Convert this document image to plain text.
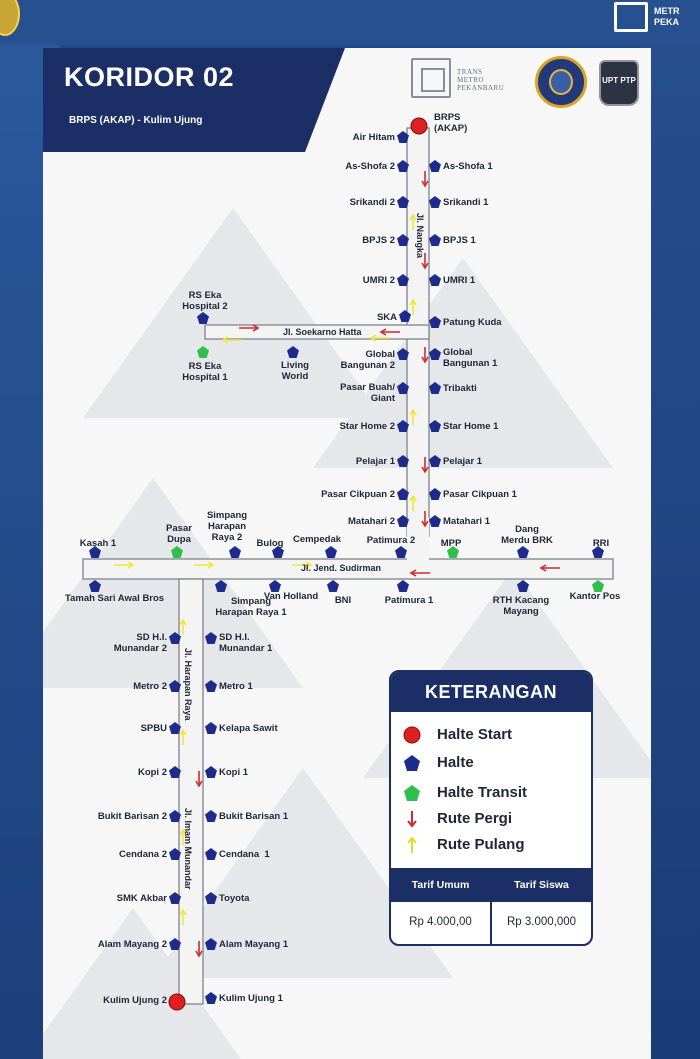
METR
PEKA
KORIDOR 02
BRPS (AKAP) - Kulim Ujung
TRANS
METRO
PEKANBARU
UPT PTP
BRPS
(AKAP)
Air Hitam
As-Shofa 2	As-Shofa 1
Srikandi 2	Srikandi 1
BPJS 2	BPJS 1
UMRI 2	UMRI 1
SKA	Patung Kuda
RS Eka
Hospital 2
RS Eka
Hospital 1
Living
World
Global
Bangunan 2
Global
Bangunan 1
Pasar Buah/
Giant
Tribakti
Star Home 2	Star Home 1
Pelajar 1	Pelajar 1
Pasar Cikpuan 2	Pasar Cikpuan 1
Matahari 2	Matahari 1
Kasah 1
Pasar
Dupa
Simpang
Harapan
Raya 2
Bulog	Cempedak	Patimura 2	MPP
Dang
Merdu BRK	RRI
Tamah Sari Awal Bros	Simpang
Harapan Raya 1
Van Holland	BNI	Patimura 1	RTH Kacang
Mayang
Kantor Pos
SD H.I.
Munandar 2
SD H.I.
Munandar 1
Metro 2	Metro 1
SPBU	Kelapa Sawit
Kopi 2	Kopi 1
Bukit Barisan 2	Bukit Barisan 1
Cendana 2	Cendana  1
SMK Akbar	Toyota
Alam Mayang 2	Alam Mayang 1
Kulim Ujung 2	Kulim Ujung 1
Jl. Nangka
Jl. Soekarno Hatta
Jl. Jend. Sudirman
Jl. Harapan Raya
Jl. Imam Munandar
KETERANGAN
Halte Start
Halte
Halte Transit
Rute Pergi
Rute Pulang
Tarif Umum	Tarif Siswa
Rp 4.000,00	Rp 3.000,000
